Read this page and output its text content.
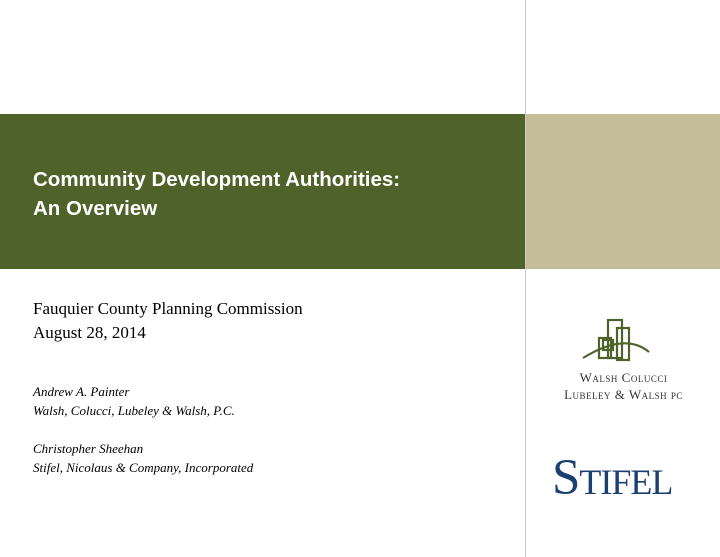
Community Development Authorities:
An Overview
Fauquier County Planning Commission
August 28, 2014
Andrew A. Painter
Walsh, Colucci, Lubeley & Walsh, P.C.
Christopher Sheehan
Stifel, Nicolaus & Company, Incorporated
Walsh Colucci
Lubeley & Walsh pc
Stifel
